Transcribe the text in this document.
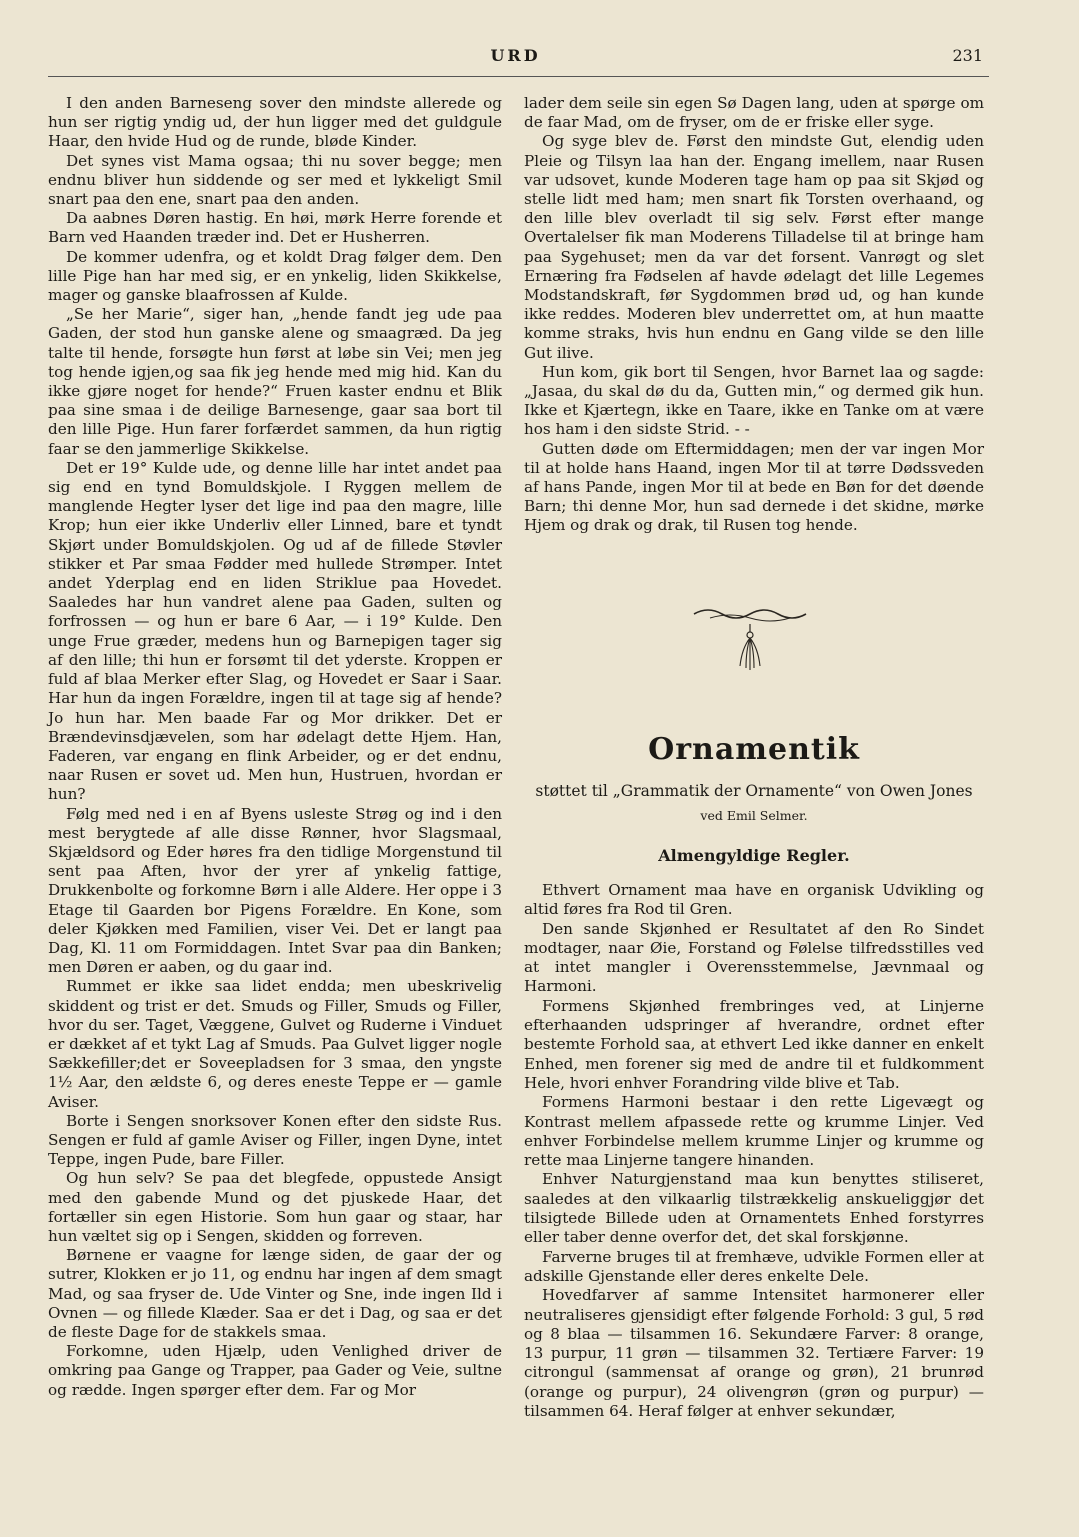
URD	231

I den anden Barneseng sover den mindste allerede og hun ser rigtig yndig ud, der hun ligger med det guldgule Haar, den hvide Hud og de runde, bløde Kinder.

Det synes vist Mama ogsaa; thi nu sover begge; men endnu bliver hun siddende og ser med et lykkeligt Smil snart paa den ene, snart paa den anden.

Da aabnes Døren hastig. En høi, mørk Herre forende et Barn ved Haanden træder ind. Det er Husherren.

De kommer udenfra, og et koldt Drag følger dem. Den lille Pige han har med sig, er en ynkelig, liden Skikkelse, mager og ganske blaafrossen af Kulde.

„Se her Marie“, siger han, „hende fandt jeg ude paa Gaden, der stod hun ganske alene og smaagræd. Da jeg talte til hende, forsøgte hun først at løbe sin Vei; men jeg tog hende igjen,og saa fik jeg hende med mig hid. Kan du ikke gjøre noget for hende?“ Fruen kaster endnu et Blik paa sine smaa i de deilige Barnesenge, gaar saa bort til den lille Pige. Hun farer forfærdet sammen, da hun rigtig faar se den jammerlige Skikkelse.

Det er 19° Kulde ude, og denne lille har intet andet paa sig end en tynd Bomuldskjole. I Ryggen mellem de manglende Hegter lyser det lige ind paa den magre, lille Krop; hun eier ikke Underliv eller Linned, bare et tyndt Skjørt under Bomuldskjolen. Og ud af de fillede Støvler stikker et Par smaa Fødder med hullede Strømper. Intet andet Yderplag end en liden Striklue paa Hovedet. Saaledes har hun vandret alene paa Gaden, sulten og forfrossen — og hun er bare 6 Aar, — i 19° Kulde. Den unge Frue græder, medens hun og Barnepigen tager sig af den lille; thi hun er forsømt til det yderste. Kroppen er fuld af blaa Merker efter Slag, og Hovedet er Saar i Saar. Har hun da ingen Forældre, ingen til at tage sig af hende? Jo hun har. Men baade Far og Mor drikker. Det er Brændevinsdjævelen, som har ødelagt dette Hjem. Han, Faderen, var engang en flink Arbeider, og er det endnu, naar Rusen er sovet ud. Men hun, Hustruen, hvordan er hun?

Følg med ned i en af Byens usleste Strøg og ind i den mest berygtede af alle disse Rønner, hvor Slagsmaal, Skjældsord og Eder høres fra den tidlige Morgenstund til sent paa Aften, hvor der yrer af ynkelig fattige, Drukkenbolte og forkomne Børn i alle Aldere. Her oppe i 3 Etage til Gaarden bor Pigens Forældre. En Kone, som deler Kjøkken med Familien, viser Vei. Det er langt paa Dag, Kl. 11 om Formiddagen. Intet Svar paa din Banken; men Døren er aaben, og du gaar ind.

Rummet er ikke saa lidet endda; men ubeskrivelig skiddent og trist er det. Smuds og Filler, Smuds og Filler, hvor du ser. Taget, Væggene, Gulvet og Ruderne i Vinduet er dækket af et tykt Lag af Smuds. Paa Gulvet ligger nogle Sækkefiller;det er Soveepladsen for 3 smaa, den yngste 1½ Aar, den ældste 6, og deres eneste Teppe er — gamle Aviser.

Borte i Sengen snorksover Konen efter den sidste Rus. Sengen er fuld af gamle Aviser og Filler, ingen Dyne, intet Teppe, ingen Pude, bare Filler.

Og hun selv? Se paa det blegfede, oppustede Ansigt med den gabende Mund og det pjuskede Haar, det fortæller sin egen Historie. Som hun gaar og staar, har hun væltet sig op i Sengen, skidden og forreven.

Børnene er vaagne for længe siden, de gaar der og sutrer, Klokken er jo 11, og endnu har ingen af dem smagt Mad, og saa fryser de. Ude Vinter og Sne, inde ingen Ild i Ovnen — og fillede Klæder. Saa er det i Dag, og saa er det de fleste Dage for de stakkels smaa.

Forkomne, uden Hjælp, uden Venlighed driver de omkring paa Gange og Trapper, paa Gader og Veie, sultne og rædde. Ingen spørger efter dem. Far og Mor

lader dem seile sin egen Sø Dagen lang, uden at spørge om de faar Mad, om de fryser, om de er friske eller syge.

Og syge blev de. Først den mindste Gut, elendig uden Pleie og Tilsyn laa han der. Engang imellem, naar Rusen var udsovet, kunde Moderen tage ham op paa sit Skjød og stelle lidt med ham; men snart fik Torsten overhaand, og den lille blev overladt til sig selv. Først efter mange Overtalelser fik man Moderens Tilladelse til at bringe ham paa Sygehuset; men da var det forsent. Vanrøgt og slet Ernæring fra Fødselen af havde ødelagt det lille Legemes Modstandskraft, før Sygdommen brød ud, og han kunde ikke reddes. Moderen blev underrettet om, at hun maatte komme straks, hvis hun endnu en Gang vilde se den lille Gut ilive.

Hun kom, gik bort til Sengen, hvor Barnet laa og sagde: „Jasaa, du skal dø du da, Gutten min,“ og dermed gik hun. Ikke et Kjærtegn, ikke en Taare, ikke en Tanke om at være hos ham i den sidste Strid. - -

Gutten døde om Eftermiddagen; men der var ingen Mor til at holde hans Haand, ingen Mor til at tørre Dødssveden af hans Pande, ingen Mor til at bede en Bøn for det døende Barn; thi denne Mor, hun sad dernede i det skidne, mørke Hjem og drak og drak, til Rusen tog hende.

Ornamentik
støttet til „Grammatik der Ornamente“ von Owen Jones
ved Emil Selmer.
Almengyldige Regler.

Ethvert Ornament maa have en organisk Udvikling og altid føres fra Rod til Gren.

Den sande Skjønhed er Resultatet af den Ro Sindet modtager, naar Øie, Forstand og Følelse tilfredsstilles ved at intet mangler i Overensstemmelse, Jævnmaal og Harmoni.

Formens Skjønhed frembringes ved, at Linjerne efterhaanden udspringer af hverandre, ordnet efter bestemte Forhold saa, at ethvert Led ikke danner en enkelt Enhed, men forener sig med de andre til et fuldkomment Hele, hvori enhver Forandring vilde blive et Tab.

Formens Harmoni bestaar i den rette Ligevægt og Kontrast mellem afpassede rette og krumme Linjer. Ved enhver Forbindelse mellem krumme Linjer og krumme og rette maa Linjerne tangere hinanden.

Enhver Naturgjenstand maa kun benyttes stiliseret, saaledes at den vilkaarlig tilstrækkelig anskueliggjør det tilsigtede Billede uden at Ornamentets Enhed forstyrres eller taber denne overfor det, det skal forskjønne.

Farverne bruges til at fremhæve, udvikle Formen eller at adskille Gjenstande eller deres enkelte Dele.

Hovedfarver af samme Intensitet harmonerer eller neutraliseres gjensidigt efter følgende Forhold: 3 gul, 5 rød og 8 blaa — tilsammen 16. Sekundære Farver: 8 orange, 13 purpur, 11 grøn — tilsammen 32. Tertiære Farver: 19 citrongul (sammensat af orange og grøn), 21 brunrød (orange og purpur), 24 olivengrøn (grøn og purpur) — tilsammen 64. Heraf følger at enhver sekundær,
